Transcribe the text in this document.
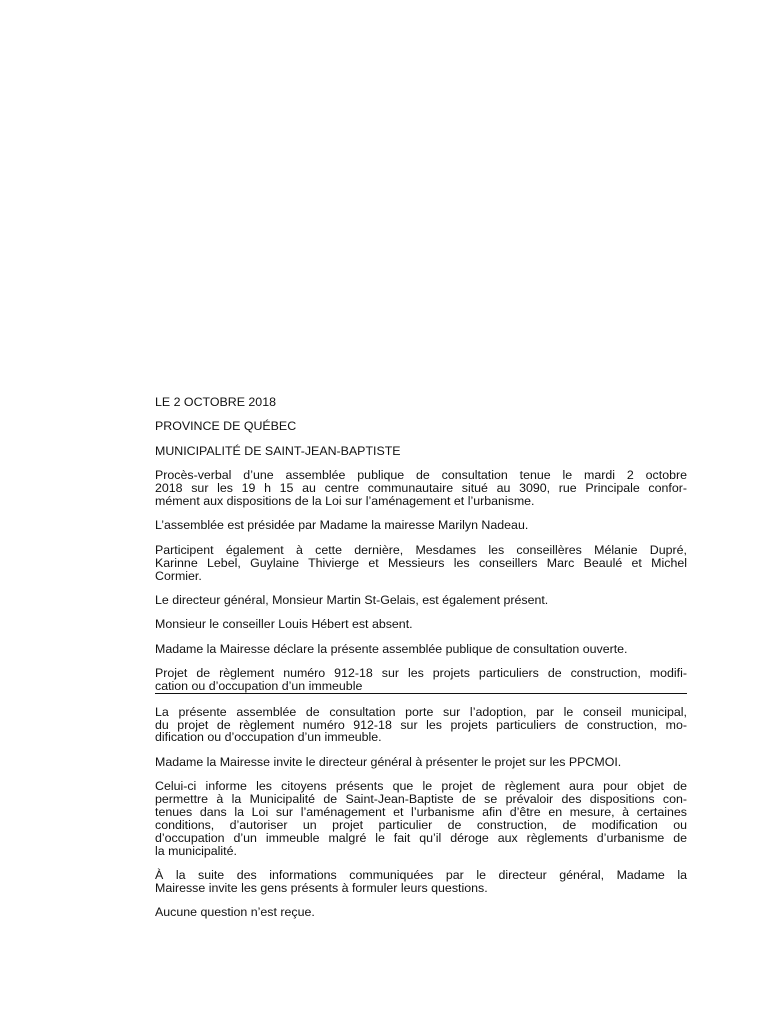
LE 2 OCTOBRE 2018

PROVINCE DE QUÉBEC

MUNICIPALITÉ DE SAINT-JEAN-BAPTISTE

Procès-verbal d’une assemblée publique de consultation tenue le mardi 2 octobre
2018 sur les 19 h 15 au centre communautaire situé au 3090, rue Principale confor-
mément aux dispositions de la Loi sur l’aménagement et l’urbanisme.

L’assemblée est présidée par Madame la mairesse Marilyn Nadeau.

Participent également à cette dernière, Mesdames les conseillères Mélanie Dupré,
Karinne Lebel, Guylaine Thivierge et Messieurs les conseillers Marc Beaulé et Michel
Cormier.

Le directeur général, Monsieur Martin St-Gelais, est également présent.

Monsieur le conseiller Louis Hébert est absent.

Madame la Mairesse déclare la présente assemblée publique de consultation ouverte.

Projet de règlement numéro 912-18 sur les projets particuliers de construction, modifi-
cation ou d’occupation d’un immeuble

La présente assemblée de consultation porte sur l’adoption, par le conseil municipal,
du projet de règlement numéro 912-18 sur les projets particuliers de construction, mo-
dification ou d’occupation d’un immeuble.

Madame la Mairesse invite le directeur général à présenter le projet sur les PPCMOI.

Celui-ci informe les citoyens présents que le projet de règlement aura pour objet de
permettre à la Municipalité de Saint-Jean-Baptiste de se prévaloir des dispositions con-
tenues dans la Loi sur l’aménagement et l’urbanisme afin d’être en mesure, à certaines
conditions, d’autoriser un projet particulier de construction, de modification ou
d’occupation d’un immeuble malgré le fait qu’il déroge aux règlements d’urbanisme de
la municipalité.

À la suite des informations communiquées par le directeur général, Madame la
Mairesse invite les gens présents à formuler leurs questions.

Aucune question n’est reçue.
